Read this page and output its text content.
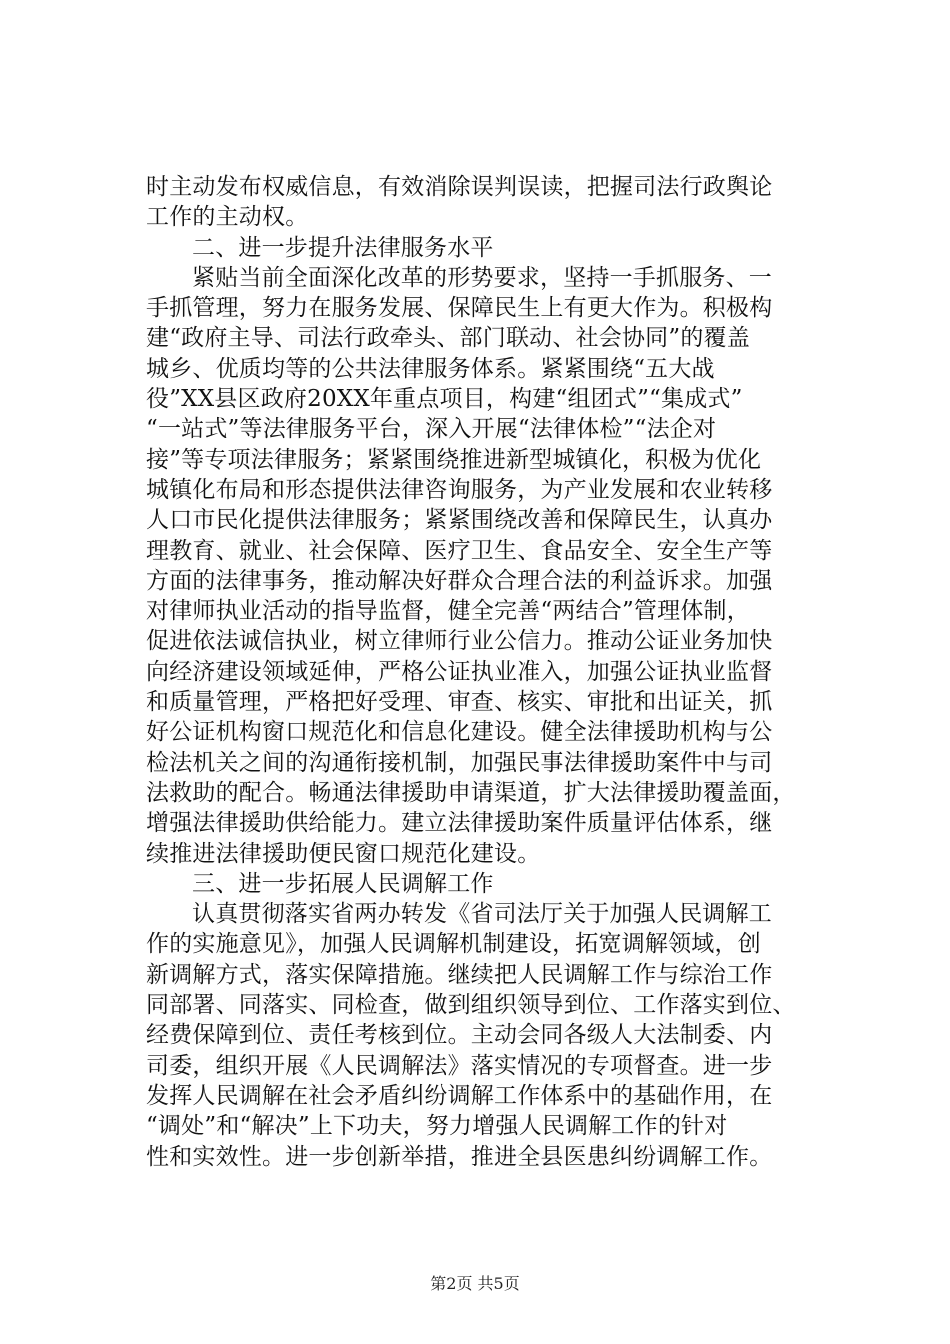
时主动发布权威信息，有效消除误判误读，把握司法行政舆论
工作的主动权。
二、进一步提升法律服务水平
紧贴当前全面深化改革的形势要求，坚持一手抓服务、一
手抓管理，努力在服务发展、保障民生上有更大作为。积极构
建“政府主导、司法行政牵头、部门联动、社会协同”的覆盖
城乡、优质均等的公共法律服务体系。紧紧围绕“五大战
役”XX县区政府20XX年重点项目，构建“组团式”“集成式”
“一站式”等法律服务平台，深入开展“法律体检”“法企对
接”等专项法律服务；紧紧围绕推进新型城镇化，积极为优化
城镇化布局和形态提供法律咨询服务，为产业发展和农业转移
人口市民化提供法律服务；紧紧围绕改善和保障民生，认真办
理教育、就业、社会保障、医疗卫生、食品安全、安全生产等
方面的法律事务，推动解决好群众合理合法的利益诉求。加强
对律师执业活动的指导监督，健全完善“两结合”管理体制，
促进依法诚信执业，树立律师行业公信力。推动公证业务加快
向经济建设领域延伸，严格公证执业准入，加强公证执业监督
和质量管理，严格把好受理、审查、核实、审批和出证关，抓
好公证机构窗口规范化和信息化建设。健全法律援助机构与公
检法机关之间的沟通衔接机制，加强民事法律援助案件中与司
法救助的配合。畅通法律援助申请渠道，扩大法律援助覆盖面，
增强法律援助供给能力。建立法律援助案件质量评估体系，继
续推进法律援助便民窗口规范化建设。
三、进一步拓展人民调解工作
认真贯彻落实省两办转发《省司法厅关于加强人民调解工
作的实施意见》，加强人民调解机制建设，拓宽调解领域，创
新调解方式，落实保障措施。继续把人民调解工作与综治工作
同部署、同落实、同检查，做到组织领导到位、工作落实到位、
经费保障到位、责任考核到位。主动会同各级人大法制委、内
司委，组织开展《人民调解法》落实情况的专项督查。进一步
发挥人民调解在社会矛盾纠纷调解工作体系中的基础作用，在
“调处”和“解决”上下功夫，努力增强人民调解工作的针对
性和实效性。进一步创新举措，推进全县医患纠纷调解工作。
第2页 共5页
